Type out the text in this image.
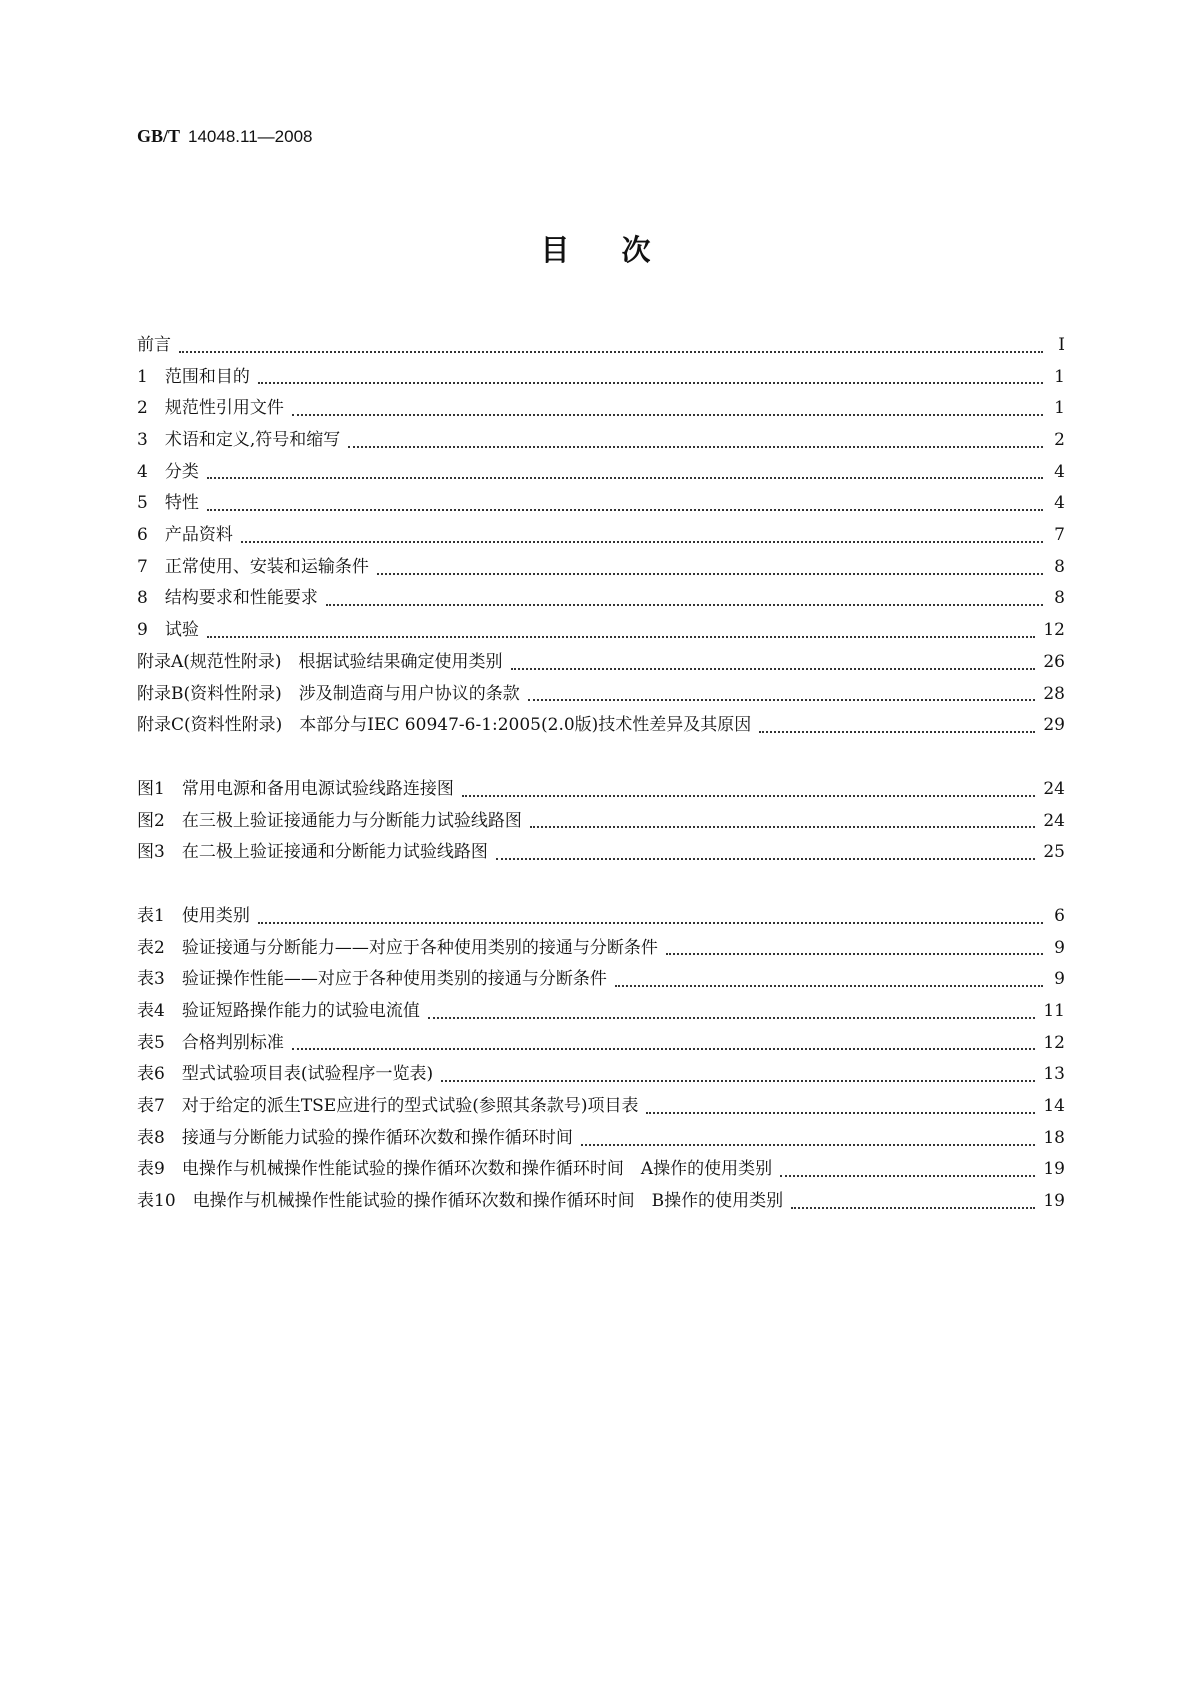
GB/T 14048.11—2008
目次
前言	Ⅰ
1　范围和目的	1
2　规范性引用文件	1
3　术语和定义,符号和缩写	2
4　分类	4
5　特性	4
6　产品资料	7
7　正常使用、安装和运输条件	8
8　结构要求和性能要求	8
9　试验	12
附录A(规范性附录)　根据试验结果确定使用类别	26
附录B(资料性附录)　涉及制造商与用户协议的条款	28
附录C(资料性附录)　本部分与IEC 60947-6-1:2005(2.0版)技术性差异及其原因	29
图1　常用电源和备用电源试验线路连接图	24
图2　在三极上验证接通能力与分断能力试验线路图	24
图3　在二极上验证接通和分断能力试验线路图	25
表1　使用类别	6
表2　验证接通与分断能力——对应于各种使用类别的接通与分断条件	9
表3　验证操作性能——对应于各种使用类别的接通与分断条件	9
表4　验证短路操作能力的试验电流值	11
表5　合格判别标准	12
表6　型式试验项目表(试验程序一览表)	13
表7　对于给定的派生TSE应进行的型式试验(参照其条款号)项目表	14
表8　接通与分断能力试验的操作循环次数和操作循环时间	18
表9　电操作与机械操作性能试验的操作循环次数和操作循环时间　A操作的使用类别	19
表10　电操作与机械操作性能试验的操作循环次数和操作循环时间　B操作的使用类别	19
